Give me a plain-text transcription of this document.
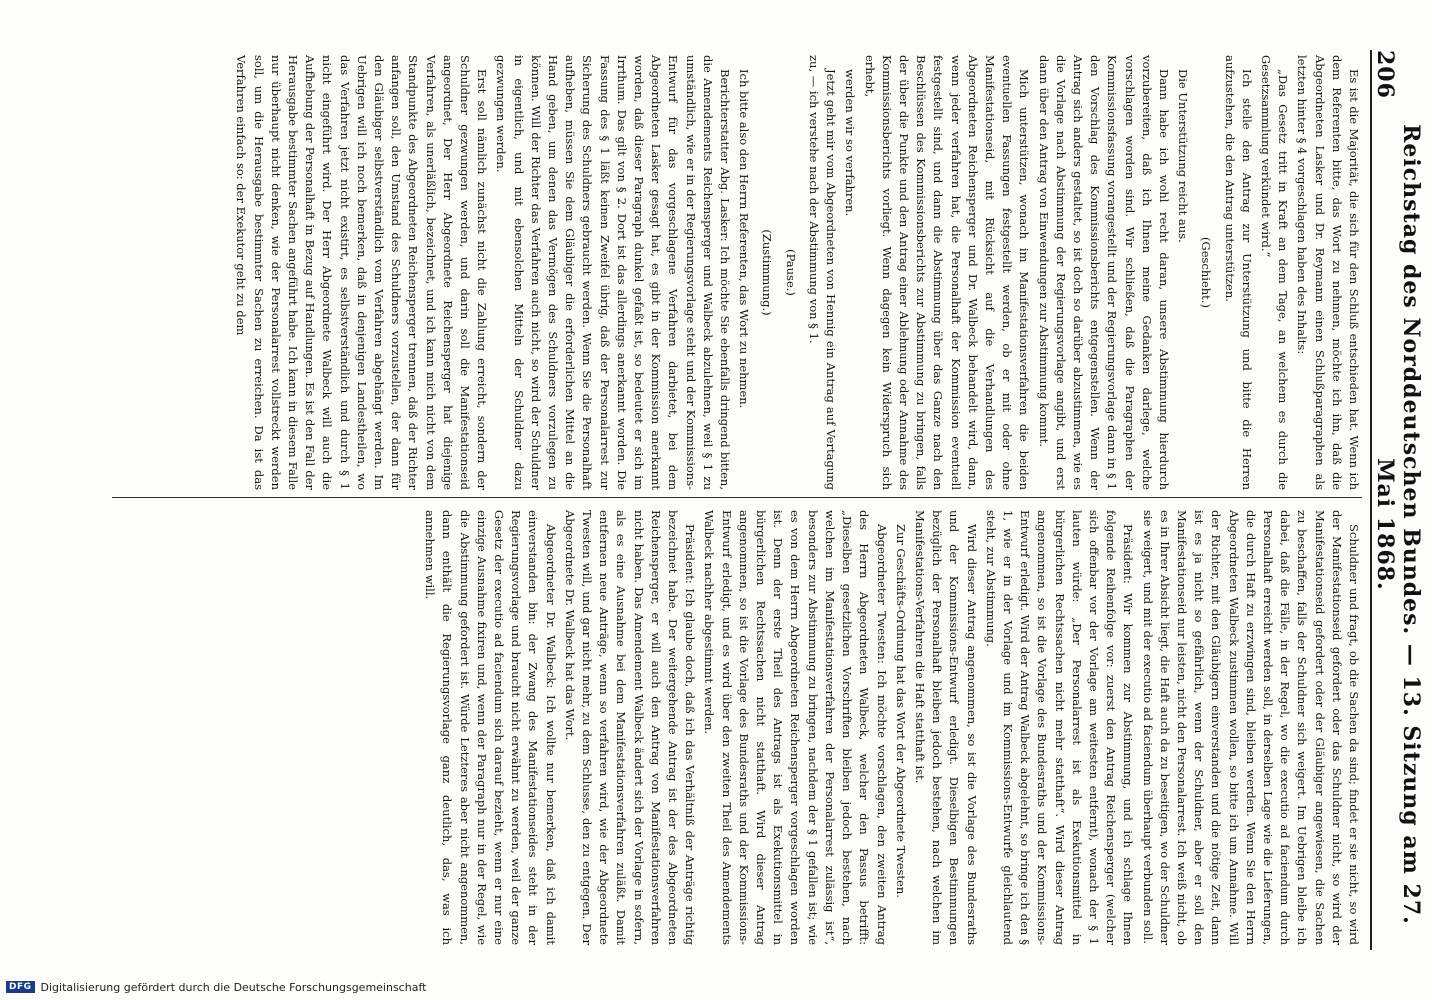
206
Reichstag des Norddeutschen Bundes. — 13. Sitzung am 27. Mai 1868.

Es ist die Majorität, die sich für den Schluß entschieden hat. Wenn ich dem Referenten bitte, das Wort zu nehmen, möchte ich ihn, daß die Abgeordneten Lasker und Dr. Reymann einen Schlußparagraphen als letzten hinter § 4 vorgeschlagen haben des Inhalts:

„Das Gesetz tritt in Kraft an dem Tage, an welchem es durch die Gesetzsammlung verkündet wird.“

Ich stelle den Antrag zur Unterstützung und bitte die Herren aufzustehen, die den Antrag unterstützen.

(Geschieht.)

Die Unterstützung reicht aus.

Dann habe ich wohl recht daran, unsere Abstimmung hierdurch vorzubereiten, daß ich Ihnen meine Gedanken darlege, welche vorschlagen worden sind. Wir schließen, daß die Paragraphen der Kommissionsfassung vorangestellt und der Regierungsvorlage dann in § 1 den Vorschlag des Kommissionsberichts entgegenstellen. Wenn der Antrag sich anders gestaltet, so ist doch so darüber abzustimmen, wie es die Vorlage nach Abstimmung der Regierungsvorlage angibt, und erst dann über den Antrag von Einwendungen zur Abstimmung kommt.

Mich unterstützen, wonach im Manifestationsverfahren die beiden eventuellen Fassungen festgestellt werden, ob er mit oder ohne Manifestationseid, mit Rücksicht auf die Verhandlungen des Abgeordneten Reichensperger und Dr. Walbeck behandelt wird, dann, wenn jeder verfahren hat, die Personalhaft der Kommission eventuell festgestellt sind, und dann die Abstimmung über das Ganze nach den Beschlüssen des Kommissionsberichts zur Abstimmung zu bringen, falls der über die Punkte und den Antrag einer Ablehnung oder Annahme des Kommissionsberichts vorliegt. Wenn dagegen kein Widerspruch sich erhebt,

werden wir so verfahren.

Jetzt geht mir vom Abgeordneten von Hennig ein Antrag auf Vertagung zu, — ich verstehe nach der Abstimmung von § 1.

(Pause.)

(Zustimmung.)

Ich bitte also den Herrn Referenten, das Wort zu nehmen.

Berichterstatter Abg. Lasker: Ich möchte Sie ebenfalls dringend bitten, die Amendements Reichensperger und Walbeck abzulehnen, weil § 1 zu umständlich, wie er in der Regierungsvorlage steht und der Kommissions-Entwurf für das vorgeschlagene Verfahren darbietet, bei dem Abgeordneten Lasker gesagt hat, es gibt in der Kommission anerkannt worden, daß dieser Paragraph dunkel gefaßt ist, so bedeutet er sich im Irrthum. Das gilt von § 2. Dort ist das allerdings anerkannt worden. Die Fassung des § 1 läßt keinen Zweifel übrig, daß der Personalarrest zur Sicherung des Schuldners gebraucht werden. Wenn Sie die Personalhaft aufheben, müssen Sie dem Gläubiger die erforderlichen Mittel an die Hand geben, um denen das Vermögen des Schuldners vorzulegen zu können. Will der Richter das Verfahren auch nicht, so wird der Schuldner in eigentlich, und mit ebensolchen Mitteln der Schuldner dazu gezwungen werden.

Erst soll nämlich zunächst nicht die Zahlung erreicht, sondern der Schuldner gezwungen werden, und darin soll die Manifestationseid angeordnet, Der Herr Abgeordnete Reichensperger hat diejenige Verfahren, als unerläßlich, bezeichnet, und ich kann mich nicht von dem Standpunkte des Abgeordneten Reichensperger trennen, daß der Richter anfangen soll, den Umstand des Schuldners vorzustellen, der dann für den Gläubiger selbstverständlich vom Verfahren abgehängt werden. Im Uebrigen will ich noch bemerken, daß in denjenigen Landestheilen, wo das Verfahren jetzt nicht existirt, es selbstverständlich und durch § 1 nicht eingeführt wird. Der Herr Abgeordnete Walbeck will auch die Aufhebung der Personalhaft in Bezug auf Handlungen. Es ist den Fall der Herausgabe bestimmter Sachen angeführt habe. Ich kann in diesem Falle nur überhaupt nicht denken, wie der Personalarrest vollstreckt werden soll, um die Herausgabe bestimmter Sachen zu erreichen. Da ist das Verfahren einfach so: der Exekutor geht zu dem

Schuldner und fragt, ob die Sachen da sind; findet er sie nicht, so wird der Manifestationseid gefordert oder das Schuldner nicht, so wird der Manifestationseid gefordert oder der Gläubiger angewiesen, die Sachen zu beschaffen, falls der Schuldner sich weigert. Im Uebrigen bleibe ich dabei, daß die Fälle, in der Regel, wo die executio ad faciendum durch Personalhaft erreicht werden soll, in derselben Lage wie die Lieferungen, die durch Haft zu erzwingen sind, bleiben werden. Wenn Sie den Herrn Abgeordneten Walbeck zustimmen wollen, so bitte ich um Annahme. Will der Richter, mit den Gläubigern einverstanden und die nötige Zeit, dann ist es ja nicht so gefährlich, wenn der Schuldner, aber er soll den Manifestationseid nur leisten, nicht den Personalarrest. Ich weiß nicht, ob es in Ihrer Absicht liegt, die Haft auch da zu beseitigen, wo der Schuldner sie weigert, und mit der executio ad faciendum überhaupt verbunden soll.

Präsident: Wir kommen zur Abstimmung, und ich schlage Ihnen folgende Reihenfolge vor: zuerst den Antrag Reichensperger (welcher sich offenbar vor der Vorlage am weitesten entfernt), wonach der § 1 lauten würde: „Der Personalarrest ist als Exekutionsmittel in bürgerlichen Rechtssachen nicht mehr statthaft“. Wird dieser Antrag angenommen, so ist die Vorlage des Bundesraths und der Kommissions-Entwurf erledigt. Wird der Antrag Walbeck abgelehnt, so bringe ich den § 1, wie er in der Vorlage und im Kommissions-Entwurfe gleichlautend steht, zur Abstimmung.

Wird dieser Antrag angenommen, so ist die Vorlage des Bundesraths und der Kommissions-Entwurf erledigt. Dieselbigen Bestimmungen bezüglich der Personalhaft bleiben jedoch bestehen, nach welchen im Manifestations-Verfahren die Haft statthaft ist.

Zur Geschäfts-Ordnung hat das Wort der Abgeordnete Twesten.

Abgeordneter Twesten: Ich möchte vorschlagen, den zweiten Antrag des Herrn Abgeordneten Walbeck, welcher den Passus betrifft: „Dieselben gesetzlichen Vorschriften bleiben jedoch bestehen, nach welchen im Manifestationsverfahren der Personalarrest zulässig ist“, besonders zur Abstimmung zu bringen, nachdem der § 1 gefallen ist; wie es von dem Herrn Abgeordneten Reichensperger vorgeschlagen worden ist. Denn der erste Theil des Antrags ist als Exekutionsmittel in bürgerlichen Rechtssachen nicht statthaft. Wird dieser Antrag angenommen, so ist die Vorlage des Bundesraths und der Kommissions-Entwurf erledigt, und es wird über den zweiten Theil des Amendements Walbeck nachher abgestimmt werden.

Präsident: Ich glaube doch, daß ich das Verhältniß der Anträge richtig bezeichnet habe. Der weitergehende Antrag ist der des Abgeordneten Reichensperger, er will auch den Antrag von Manifestationsverfahren nicht haben. Das Amendement Walbeck ändert sich der Vorlage in sofern, als es eine Ausnahme bei dem Manifestationsverfahren zuläßt. Damit entfernen neue Anträge, wenn so verfahren wird, wie der Abgeordnete Twesten will, und gar nicht mehr, zu dem Schlusse, den zu entgegen. Der Abgeordnete Dr. Walbeck hat das Wort.

Abgeordneter Dr. Walbeck: Ich wollte nur bemerken, daß ich damit einverstanden bin: der Zwang des Manifestationseides steht in der Regierungsvorlage und braucht nicht erwähnt zu werden, weil der ganze Gesetz der executio ad faciendum sich darauf bezieht, wenn er nur eine einzige Ausnahme fixiren und, wenn der Paragraph nur in der Regel, wie die Abstimmung gefordert ist. Würde Letzteres aber nicht angenommen, dann enthält die Regierungsvorlage ganz deutlich, das, was ich annehmen will.

DFG Digitalisierung gefördert durch die Deutsche Forschungsgemeinschaft
